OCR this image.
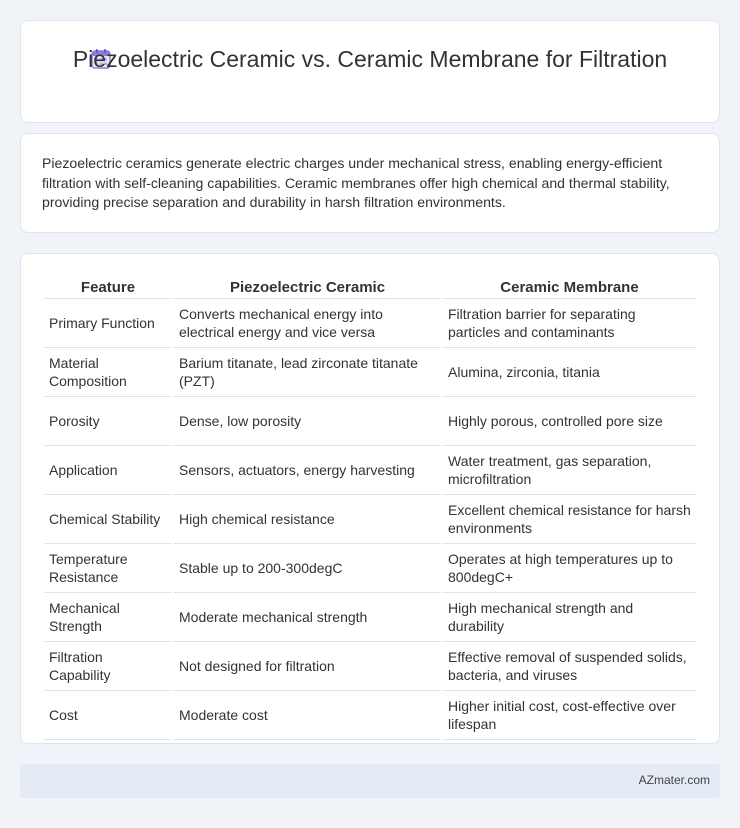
Piezoelectric Ceramic vs. Ceramic Membrane for Filtration

Piezoelectric ceramics generate electric charges under mechanical stress, enabling energy-efficient filtration with self-cleaning capabilities. Ceramic membranes offer high chemical and thermal stability, providing precise separation and durability in harsh filtration environments.

Feature	Piezoelectric Ceramic	Ceramic Membrane
Primary Function	Converts mechanical energy into electrical energy and vice versa	Filtration barrier for separating particles and contaminants
Material Composition	Barium titanate, lead zirconate titanate (PZT)	Alumina, zirconia, titania
Porosity	Dense, low porosity	Highly porous, controlled pore size
Application	Sensors, actuators, energy harvesting	Water treatment, gas separation, microfiltration
Chemical Stability	High chemical resistance	Excellent chemical resistance for harsh environments
Temperature Resistance	Stable up to 200-300degC	Operates at high temperatures up to 800degC+
Mechanical Strength	Moderate mechanical strength	High mechanical strength and durability
Filtration Capability	Not designed for filtration	Effective removal of suspended solids, bacteria, and viruses
Cost	Moderate cost	Higher initial cost, cost-effective over lifespan
AZmater.com
